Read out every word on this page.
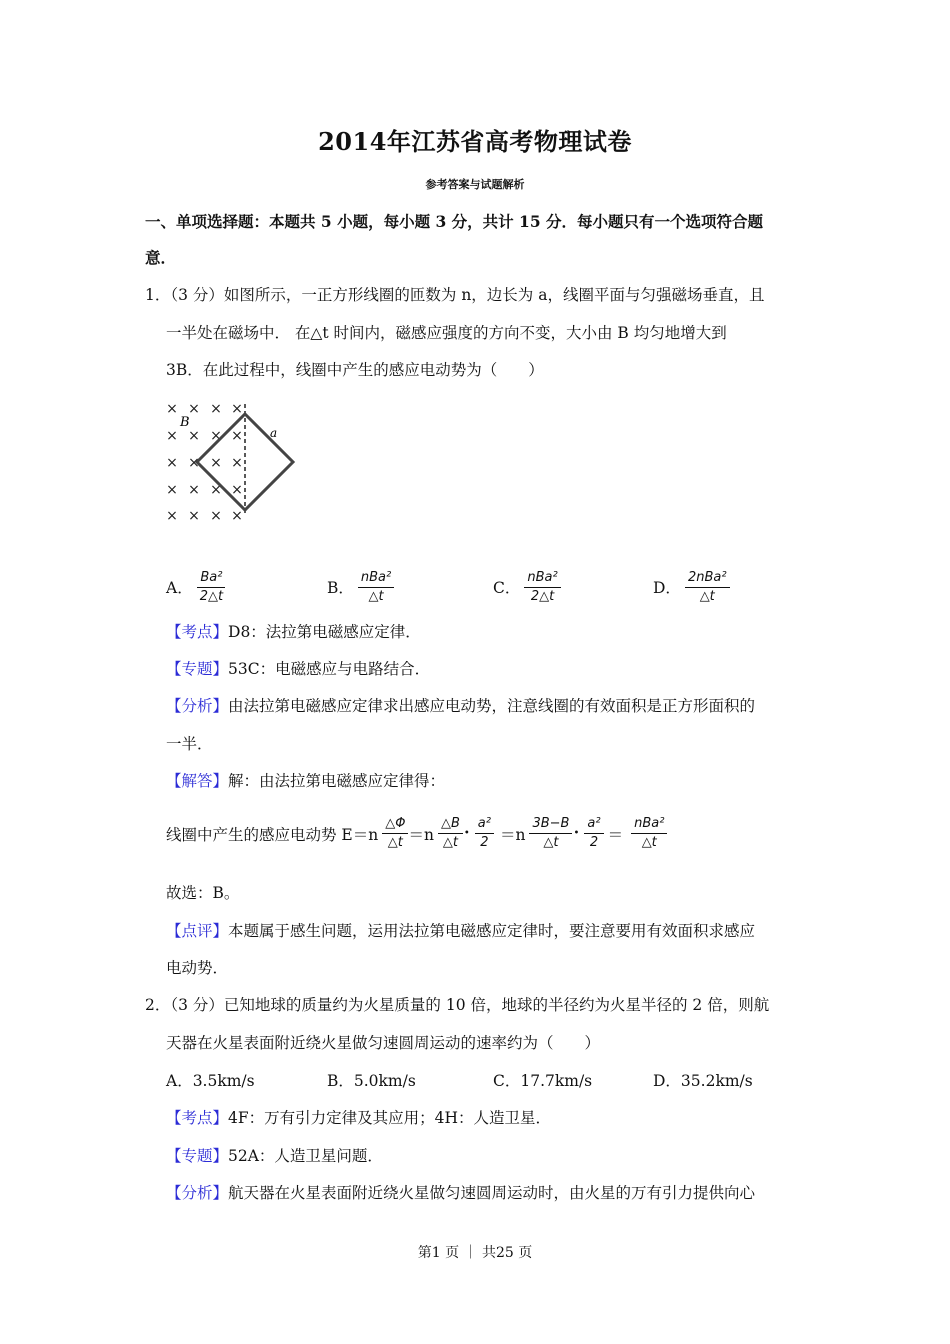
2014年江苏省高考物理试卷
参考答案与试题解析
一、单项选择题：本题共 5 小题，每小题 3 分，共计 15 分．每小题只有一个选项符合题
意．
1．（3 分）如图所示，一正方形线圈的匝数为 n，边长为 a，线圈平面与匀强磁场垂直，且
一半处在磁场中． 在△t 时间内，磁感应强度的方向不变，大小由 B 均匀地增大到
3B．在此过程中，线圈中产生的感应电动势为（　　）
× × × ×
× × × ×
× × × ×
× × × ×
× × × ×
B
a
A． $\frac{\text{Ba²}}{2\triangle t}$	B． $\frac{\text{nBa²}}{\triangle t}$	C． $\frac{\text{nBa²}}{2\triangle t}$	D． $\frac{\text{2nBa²}}{\triangle t}$
【考点】D8：法拉第电磁感应定律．
【专题】53C：电磁感应与电路结合．
【分析】由法拉第电磁感应定律求出感应电动势，注意线圈的有效面积是正方形面积的
一半．
【解答】解：由法拉第电磁感应定律得：
线圈中产生的感应电动势 $E=n \frac{\triangle\Phi}{\triangle t} =n \frac{\triangle B}{\triangle t}$ • $\frac{\text{a²}}{2} =n \frac{3B-B}{\triangle t}$ • $\frac{\text{a²}}{2} = \frac{\text{nBa²}}{\triangle t}$
故选：B。
【点评】本题属于感生问题，运用法拉第电磁感应定律时，要注意要用有效面积求感应
电动势．
2．（3 分）已知地球的质量约为火星质量的 10 倍，地球的半径约为火星半径的 2 倍，则航
天器在火星表面附近绕火星做匀速圆周运动的速率约为（　　）
A．3.5km/s	B．5.0km/s	C．17.7km/s	D．35.2km/s
【考点】4F：万有引力定律及其应用；4H：人造卫星．
【专题】52A：人造卫星问题．
【分析】航天器在火星表面附近绕火星做匀速圆周运动时，由火星的万有引力提供向心
第1 页 ｜ 共25 页
